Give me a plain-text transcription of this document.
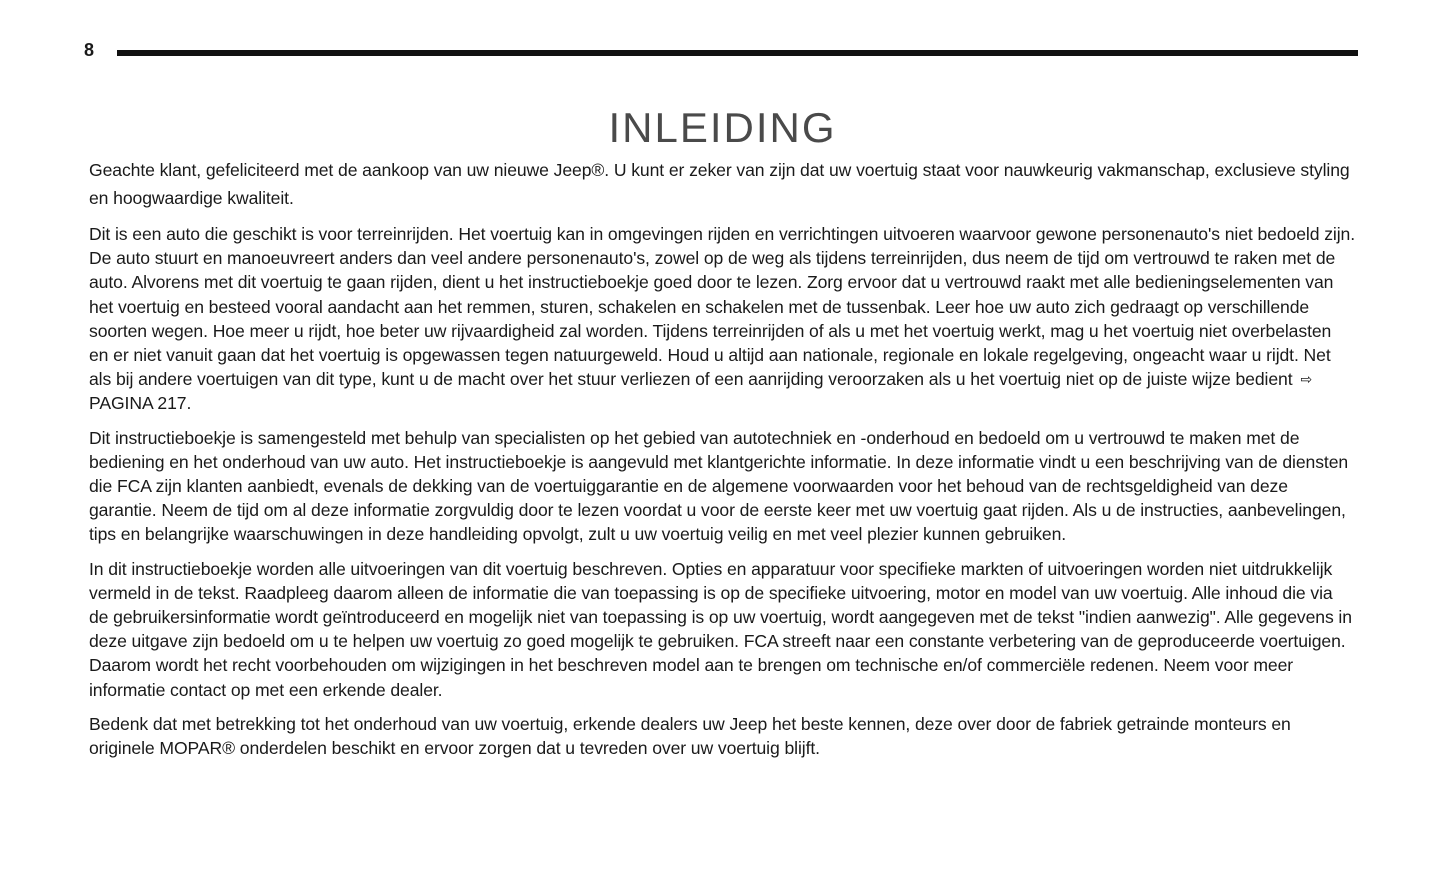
8
INLEIDING

Geachte klant, gefeliciteerd met de aankoop van uw nieuwe Jeep®. U kunt er zeker van zijn dat uw voertuig staat voor nauwkeurig vakmanschap, exclusieve styling en hoogwaardige kwaliteit.

Dit is een auto die geschikt is voor terreinrijden. Het voertuig kan in omgevingen rijden en verrichtingen uitvoeren waarvoor gewone personenauto's niet bedoeld zijn. De auto stuurt en manoeuvreert anders dan veel andere personenauto's, zowel op de weg als tijdens terreinrijden, dus neem de tijd om vertrouwd te raken met de auto. Alvorens met dit voertuig te gaan rijden, dient u het instructieboekje goed door te lezen. Zorg ervoor dat u vertrouwd raakt met alle bedieningselementen van het voertuig en besteed vooral aandacht aan het remmen, sturen, schakelen en schakelen met de tussenbak. Leer hoe uw auto zich gedraagt op verschillende soorten wegen. Hoe meer u rijdt, hoe beter uw rijvaardigheid zal worden. Tijdens terreinrijden of als u met het voertuig werkt, mag u het voertuig niet overbelasten en er niet vanuit gaan dat het voertuig is opgewassen tegen natuurgeweld. Houd u altijd aan nationale, regionale en lokale regelgeving, ongeacht waar u rijdt. Net als bij andere voertuigen van dit type, kunt u de macht over het stuur verliezen of een aanrijding veroorzaken als u het voertuig niet op de juiste wijze bedient ⇨PAGINA 217.

Dit instructieboekje is samengesteld met behulp van specialisten op het gebied van autotechniek en -onderhoud en bedoeld om u vertrouwd te maken met de bediening en het onderhoud van uw auto. Het instructieboekje is aangevuld met klantgerichte informatie. In deze informatie vindt u een beschrijving van de diensten die FCA zijn klanten aanbiedt, evenals de dekking van de voertuiggarantie en de algemene voorwaarden voor het behoud van de rechtsgeldigheid van deze garantie. Neem de tijd om al deze informatie zorgvuldig door te lezen voordat u voor de eerste keer met uw voertuig gaat rijden. Als u de instructies, aanbevelingen, tips en belangrijke waarschuwingen in deze handleiding opvolgt, zult u uw voertuig veilig en met veel plezier kunnen gebruiken.

In dit instructieboekje worden alle uitvoeringen van dit voertuig beschreven. Opties en apparatuur voor specifieke markten of uitvoeringen worden niet uitdrukkelijk vermeld in de tekst. Raadpleeg daarom alleen de informatie die van toepassing is op de specifieke uitvoering, motor en model van uw voertuig. Alle inhoud die via de gebruikersinformatie wordt geïntroduceerd en mogelijk niet van toepassing is op uw voertuig, wordt aangegeven met de tekst "indien aanwezig". Alle gegevens in deze uitgave zijn bedoeld om u te helpen uw voertuig zo goed mogelijk te gebruiken. FCA streeft naar een constante verbetering van de geproduceerde voertuigen. Daarom wordt het recht voorbehouden om wijzigingen in het beschreven model aan te brengen om technische en/of commerciële redenen. Neem voor meer informatie contact op met een erkende dealer.

Bedenk dat met betrekking tot het onderhoud van uw voertuig, erkende dealers uw Jeep het beste kennen, deze over door de fabriek getrainde monteurs en originele MOPAR® onderdelen beschikt en ervoor zorgen dat u tevreden over uw voertuig blijft.
